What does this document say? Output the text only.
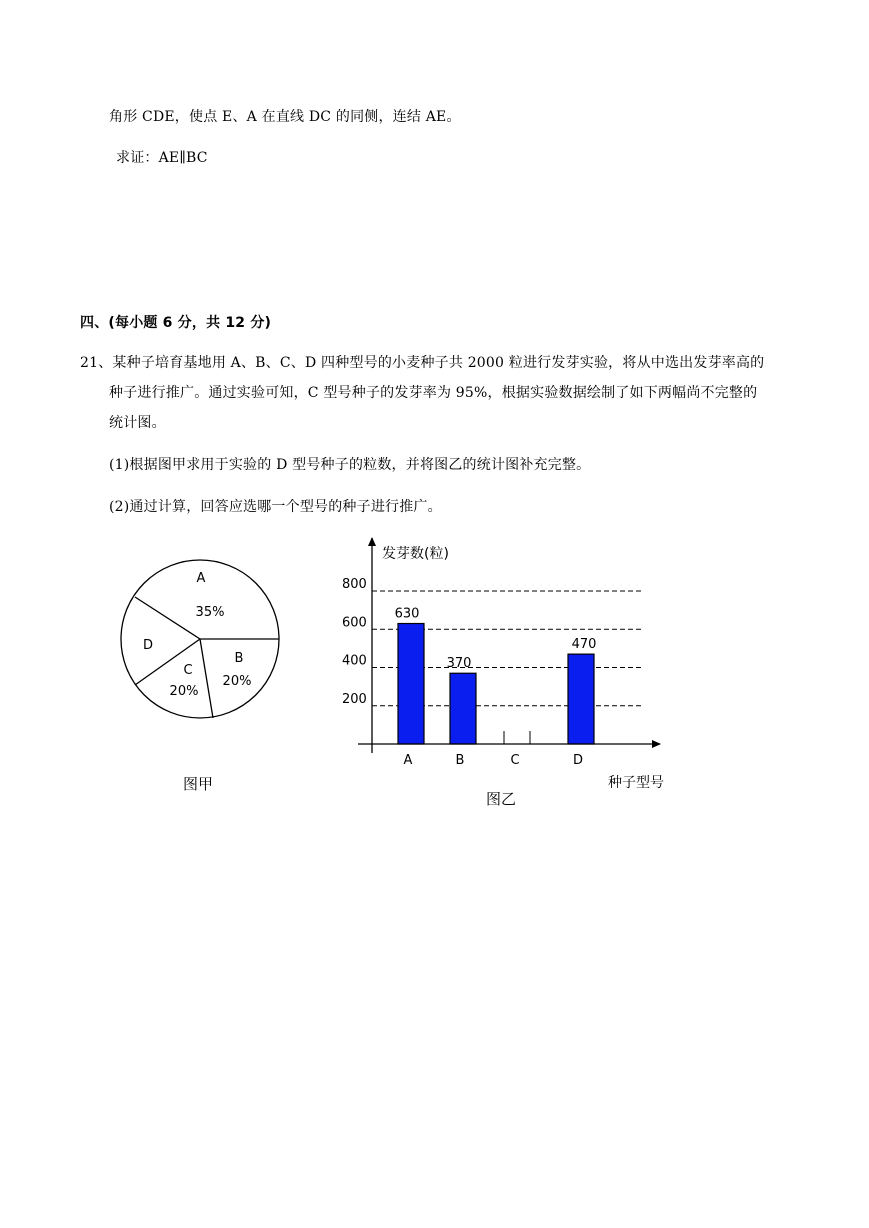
角形 CDE，使点 E、A 在直线 DC 的同侧，连结 AE。
求证：AE∥BC
四、(每小题 6 分，共 12 分)
21、某种子培育基地用 A、B、C、D 四种型号的小麦种子共 2000 粒进行发芽实验，将从中选出发芽率高的
种子进行推广。通过实验可知，C 型号种子的发芽率为 95%，根据实验数据绘制了如下两幅尚不完整的
统计图。
(1)根据图甲求用于实验的 D 型号种子的粒数，并将图乙的统计图补充完整。
(2)通过计算，回答应选哪一个型号的种子进行推广。
A
35%
B
20%
C
20%
D
图甲
200
400
600
800
630
A
370
B	C
470
D
发芽数(粒)
种子型号
图乙
